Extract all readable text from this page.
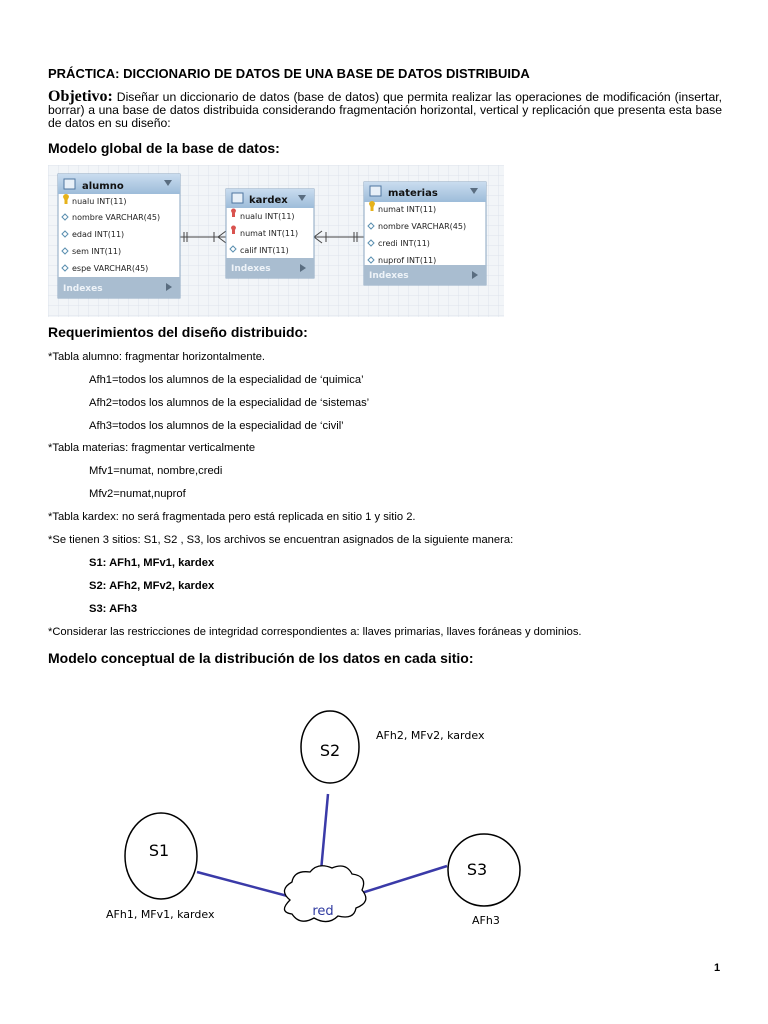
PRÁCTICA: DICCIONARIO DE DATOS DE UNA BASE DE DATOS DISTRIBUIDA
Objetivo: Diseñar un diccionario de datos (base de datos) que permita realizar las operaciones de modificación (insertar, borrar) a una base de datos distribuida considerando fragmentación horizontal, vertical y replicación que presenta esta base de datos en su diseño:
Modelo global de la base de datos:
alumno
nualu INT(11)
nombre VARCHAR(45)
edad INT(11)
sem INT(11)
espe VARCHAR(45)
Indexes
kardex
nualu INT(11)
numat INT(11)
calif INT(11)
Indexes
materias
numat INT(11)
nombre VARCHAR(45)
credi INT(11)
nuprof INT(11)
Indexes
Requerimientos del diseño distribuido:
*Tabla alumno: fragmentar horizontalmente.
Afh1=todos los alumnos de la especialidad de ‘quimica’
Afh2=todos los alumnos de la especialidad de ‘sistemas’
Afh3=todos los alumnos de la especialidad de ‘civil’
*Tabla materias: fragmentar verticalmente
Mfv1=numat, nombre,credi
Mfv2=numat,nuprof
*Tabla kardex: no será fragmentada pero está replicada en sitio 1 y sitio 2.
*Se tienen 3 sitios: S1, S2 , S3, los archivos se encuentran asignados de la siguiente manera:
S1: AFh1, MFv1, kardex
S2: AFh2, MFv2, kardex
S3: AFh3
*Considerar las restricciones de integridad correspondientes a: llaves primarias, llaves foráneas y dominios.
Modelo conceptual de la distribución de los datos en cada sitio:
red
S2
AFh2, MFv2, kardex
S1
AFh1, MFv1, kardex
S3
AFh3
1
